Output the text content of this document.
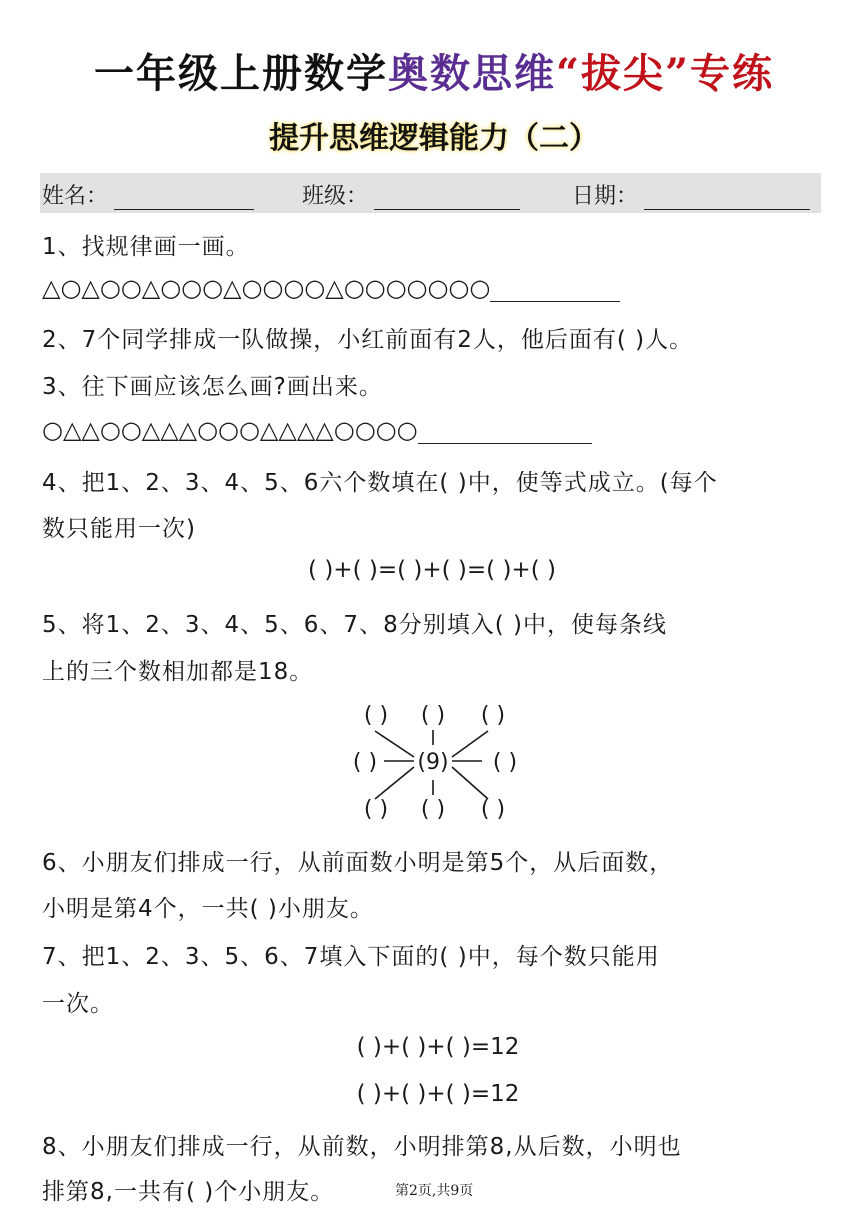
一年级上册数学奥数思维“拔尖”专练
提升思维逻辑能力（二）
姓名：	班级：	日期：
1、找规律画一画。
△○△○○△○○○△○○○○△○○○○○○○
2、7个同学排成一队做操，小红前面有2人，他后面有( )人。
3、往下画应该怎么画?画出来。
○△△○○△△△○○○△△△△○○○○
4、把1、2、3、4、5、6六个数填在( )中，使等式成立。(每个
数只能用一次)
( )+( )=( )+( )=( )+( )
5、将1、2、3、4、5、6、7、8分别填入( )中，使每条线
上的三个数相加都是18。
( ) ( ) ( )
( )	( )
( ) ( ) ( )
(9)
6、小朋友们排成一行，从前面数小明是第5个，从后面数，
小明是第4个，一共( )小朋友。
7、把1、2、3、5、6、7填入下面的( )中，每个数只能用
一次。
( )+( )+( )=12
( )+( )+( )=12
8、小朋友们排成一行，从前数，小明排第8,从后数，小明也
排第8,一共有( )个小朋友。	第2页,共9页
